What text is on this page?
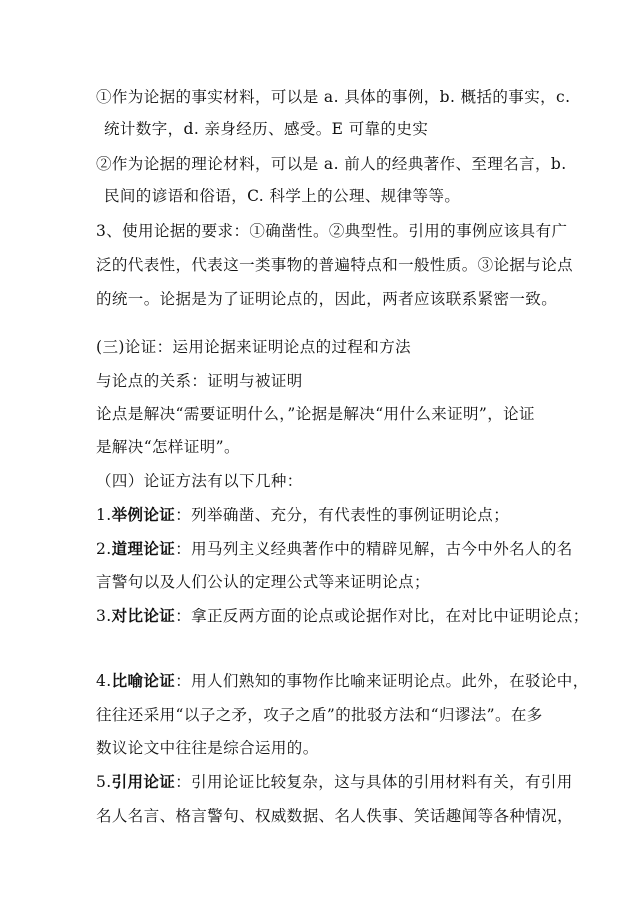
①作为论据的事实材料，可以是 a. 具体的事例，b. 概括的事实，c.
统计数字，d. 亲身经历、感受。E 可靠的史实
②作为论据的理论材料，可以是 a. 前人的经典著作、至理名言，b.
民间的谚语和俗语，C. 科学上的公理、规律等等。
3、使用论据的要求：①确凿性。②典型性。引用的事例应该具有广
泛的代表性，代表这一类事物的普遍特点和一般性质。③论据与论点
的统一。论据是为了证明论点的，因此，两者应该联系紧密一致。
(三)论证：运用论据来证明论点的过程和方法
与论点的关系：证明与被证明
论点是解决“需要证明什么，”论据是解决“用什么来证明”，论证
是解决“怎样证明”。
（四）论证方法有以下几种：
1.举例论证：列举确凿、充分，有代表性的事例证明论点；
2.道理论证：用马列主义经典著作中的精辟见解，古今中外名人的名
言警句以及人们公认的定理公式等来证明论点；
3.对比论证：拿正反两方面的论点或论据作对比，在对比中证明论点；
4.比喻论证：用人们熟知的事物作比喻来证明论点。此外，在驳论中，
往往还采用“以子之矛，攻子之盾”的批驳方法和“归谬法”。在多
数议论文中往往是综合运用的。
5.引用论证：引用论证比较复杂，这与具体的引用材料有关，有引用
名人名言、格言警句、权威数据、名人佚事、笑话趣闻等各种情况，
